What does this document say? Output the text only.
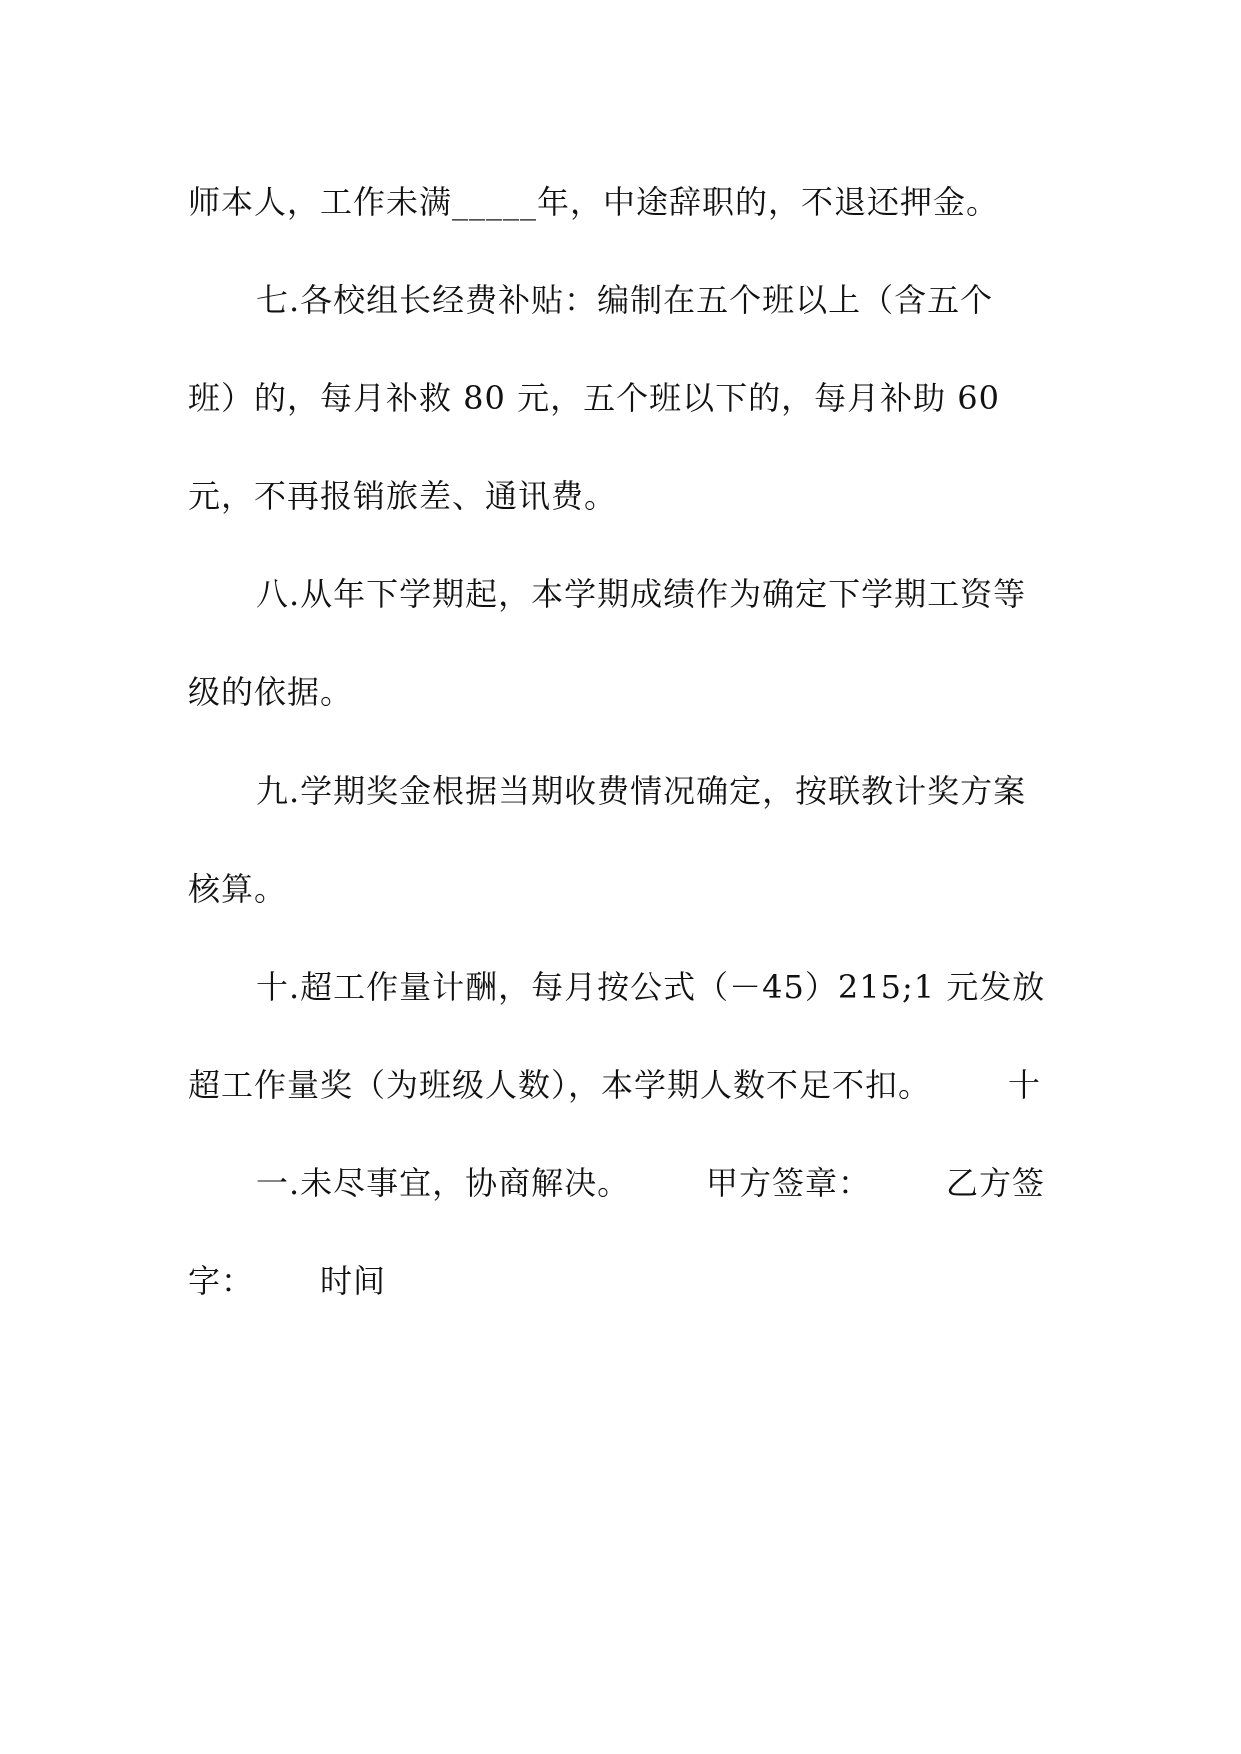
师本人，工作未满_____年，中途辞职的，不退还押金。
七.各校组长经费补贴：编制在五个班以上（含五个
班）的，每月补救 80 元，五个班以下的，每月补助 60
元，不再报销旅差、通讯费。
八.从年下学期起，本学期成绩作为确定下学期工资等
级的依据。
九.学期奖金根据当期收费情况确定，按联教计奖方案
核算。
十.超工作量计酬，每月按公式（－45）215;1 元发放

超工作量奖（为班级人数），本学期人数不足不扣。

十

一.未尽事宜，协商解决。

甲方签章：

乙方签

字：

时间
